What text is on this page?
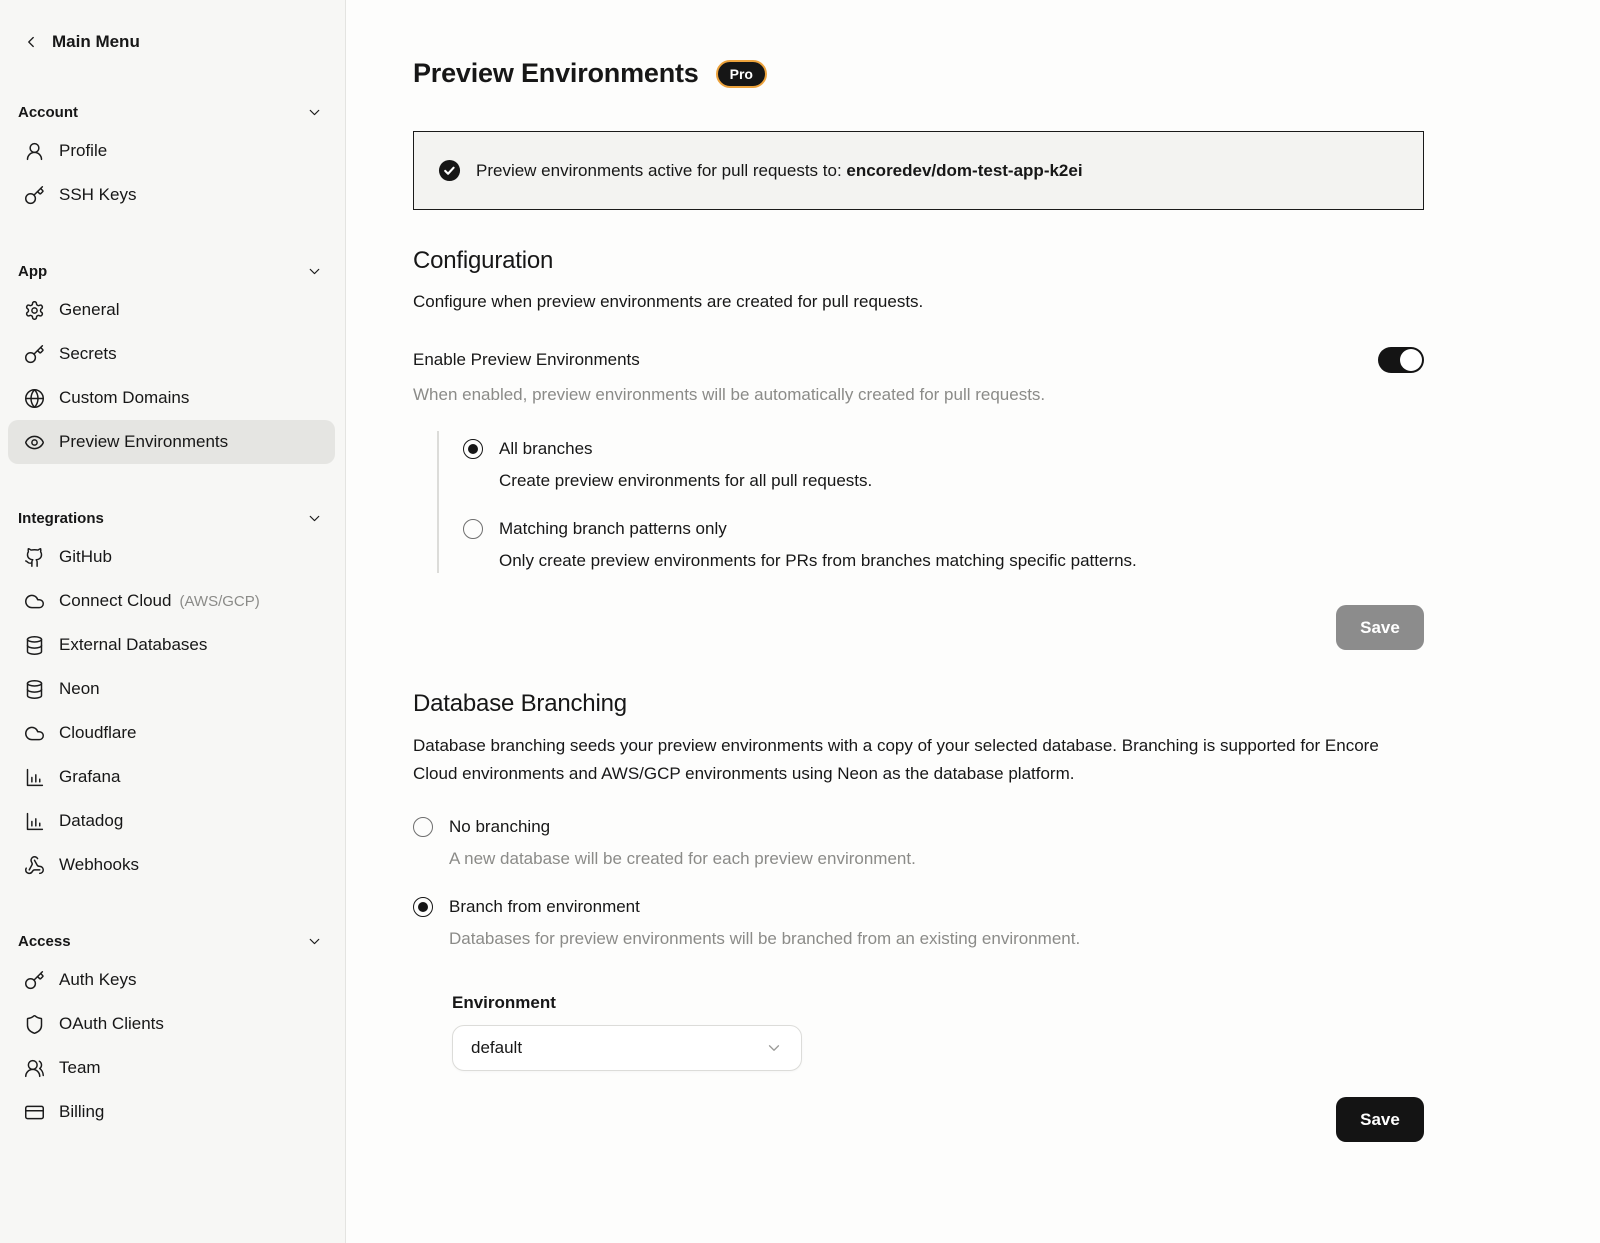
Main Menu
Account
Profile
SSH Keys
App
General
Secrets
Custom Domains
Preview Environments
Integrations
GitHub
Connect Cloud (AWS/GCP)
External Databases
Neon
Cloudflare
Grafana
Datadog
Webhooks
Access
Auth Keys
OAuth Clients
Team
Billing
Preview Environments	Pro
Preview environments active for pull requests to: encoredev/dom-test-app-k2ei
Configuration

Configure when preview environments are created for pull requests.

Enable Preview Environments

When enabled, preview environments will be automatically created for pull requests.

All branches

Create preview environments for all pull requests.

Matching branch patterns only

Only create preview environments for PRs from branches matching specific patterns.

Save
Database Branching

Database branching seeds your preview environments with a copy of your selected database. Branching is supported for Encore Cloud environments and AWS/GCP environments using Neon as the database platform.

No branching

A new database will be created for each preview environment.

Branch from environment

Databases for preview environments will be branched from an existing environment.

Environment
default
Save
